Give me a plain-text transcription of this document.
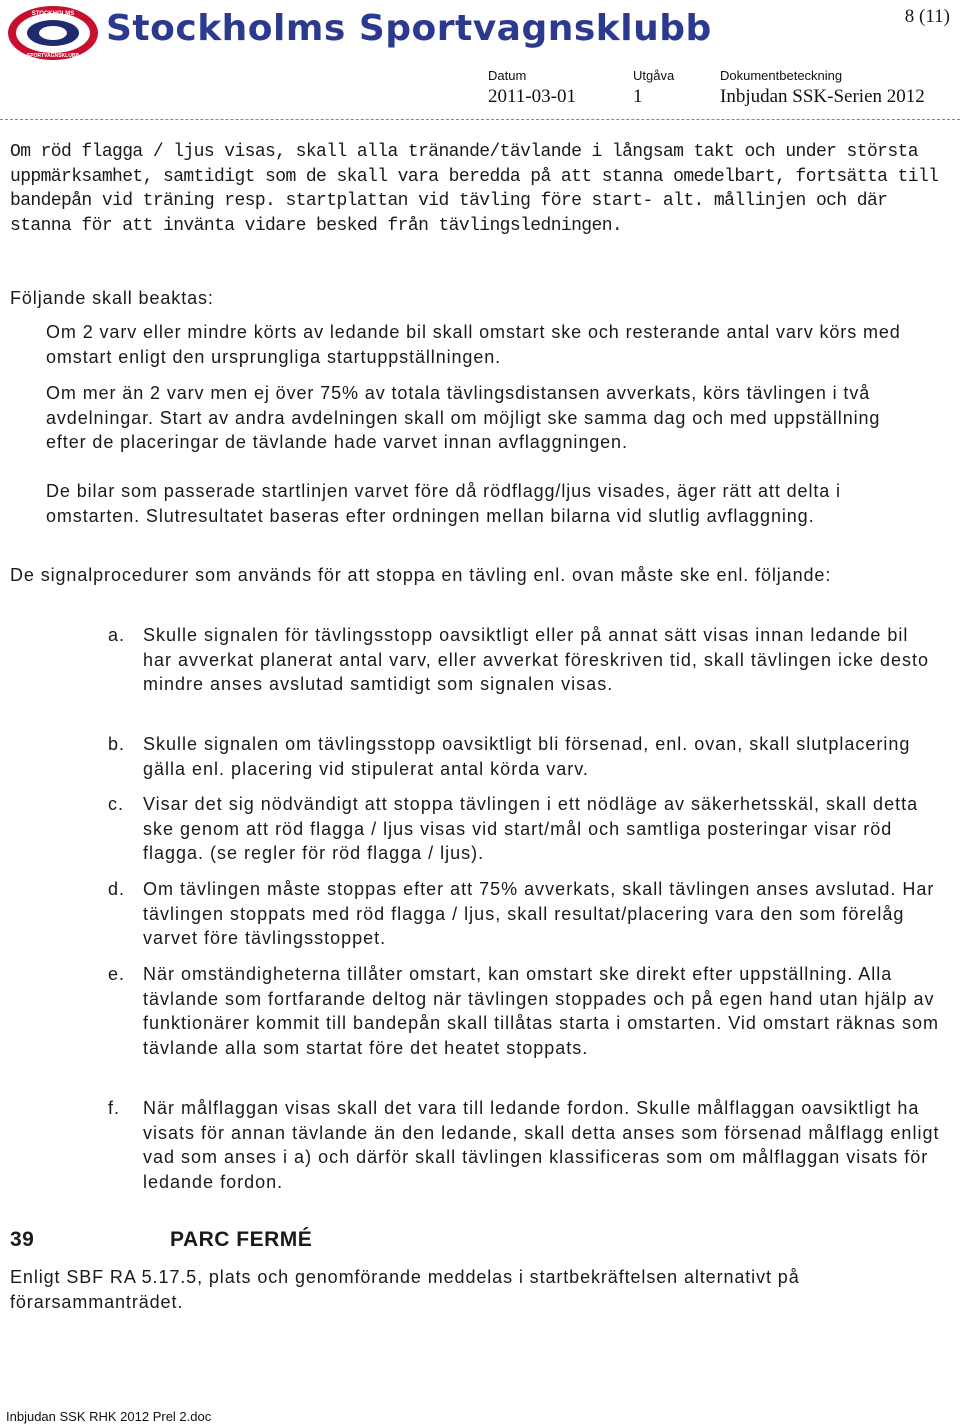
STOCKHOLMS
SPORTVAGNSKLUBB
Stockholms Sportvagnsklubb	8 (11)
Datum	Utgåva	Dokumentbeteckning
2011-03-01	1	Inbjudan SSK-Serien 2012

Om röd flagga / ljus visas, skall alla tränande/tävlande i långsam takt och under största uppmärksamhet, samtidigt som de skall vara beredda på att stanna omedelbart, fortsätta till bandepån vid träning resp. startplattan vid tävling före start- alt. mållinjen och där stanna för att invänta vidare besked från tävlingsledningen.

Följande skall beaktas:

Om 2 varv eller mindre körts av ledande bil skall omstart ske och resterande antal varv körs med omstart enligt den ursprungliga startuppställningen.

Om mer än 2 varv men ej över 75% av totala tävlingsdistansen avverkats, körs tävlingen i två avdelningar. Start av andra avdelningen skall om möjligt ske samma dag och med uppställning efter de placeringar de tävlande hade varvet innan avflaggningen.

De bilar som passerade startlinjen varvet före då rödflagg/ljus visades, äger rätt att delta i omstarten. Slutresultatet baseras efter ordningen mellan bilarna vid slutlig avflaggning.

De signalprocedurer som används för att stoppa en tävling enl. ovan måste ske enl. följande:

a. Skulle signalen för tävlingsstopp oavsiktligt eller på annat sätt visas innan ledande bil har avverkat planerat antal varv, eller avverkat föreskriven tid, skall tävlingen icke desto mindre anses avslutad samtidigt som signalen visas.

b. Skulle signalen om tävlingsstopp oavsiktligt bli försenad, enl. ovan, skall slutplacering gälla enl. placering vid stipulerat antal körda varv.

c. Visar det sig nödvändigt att stoppa tävlingen i ett nödläge av säkerhetsskäl, skall detta ske genom att röd flagga / ljus visas vid start/mål och samtliga posteringar visar röd flagga. (se regler för röd flagga / ljus).

d. Om tävlingen måste stoppas efter att 75% avverkats, skall tävlingen anses avslutad. Har tävlingen stoppats med röd flagga / ljus, skall resultat/placering vara den som förelåg varvet före tävlingsstoppet.

e. När omständigheterna tillåter omstart, kan omstart ske direkt efter uppställning. Alla tävlande som fortfarande deltog när tävlingen stoppades och på egen hand utan hjälp av funktionärer kommit till bandepån skall tillåtas starta i omstarten. Vid omstart räknas som tävlande alla som startat före det heatet stoppats.

f. När målflaggan visas skall det vara till ledande fordon. Skulle målflaggan oavsiktligt ha visats för annan tävlande än den ledande, skall detta anses som försenad målflagg enligt vad som anses i a) och därför skall tävlingen klassificeras som om målflaggan visats för ledande fordon.

39	PARC FERMÉ

Enligt SBF RA 5.17.5, plats och genomförande meddelas i startbekräftelsen alternativt på förarsammanträdet.

Inbjudan SSK RHK 2012 Prel 2.doc
